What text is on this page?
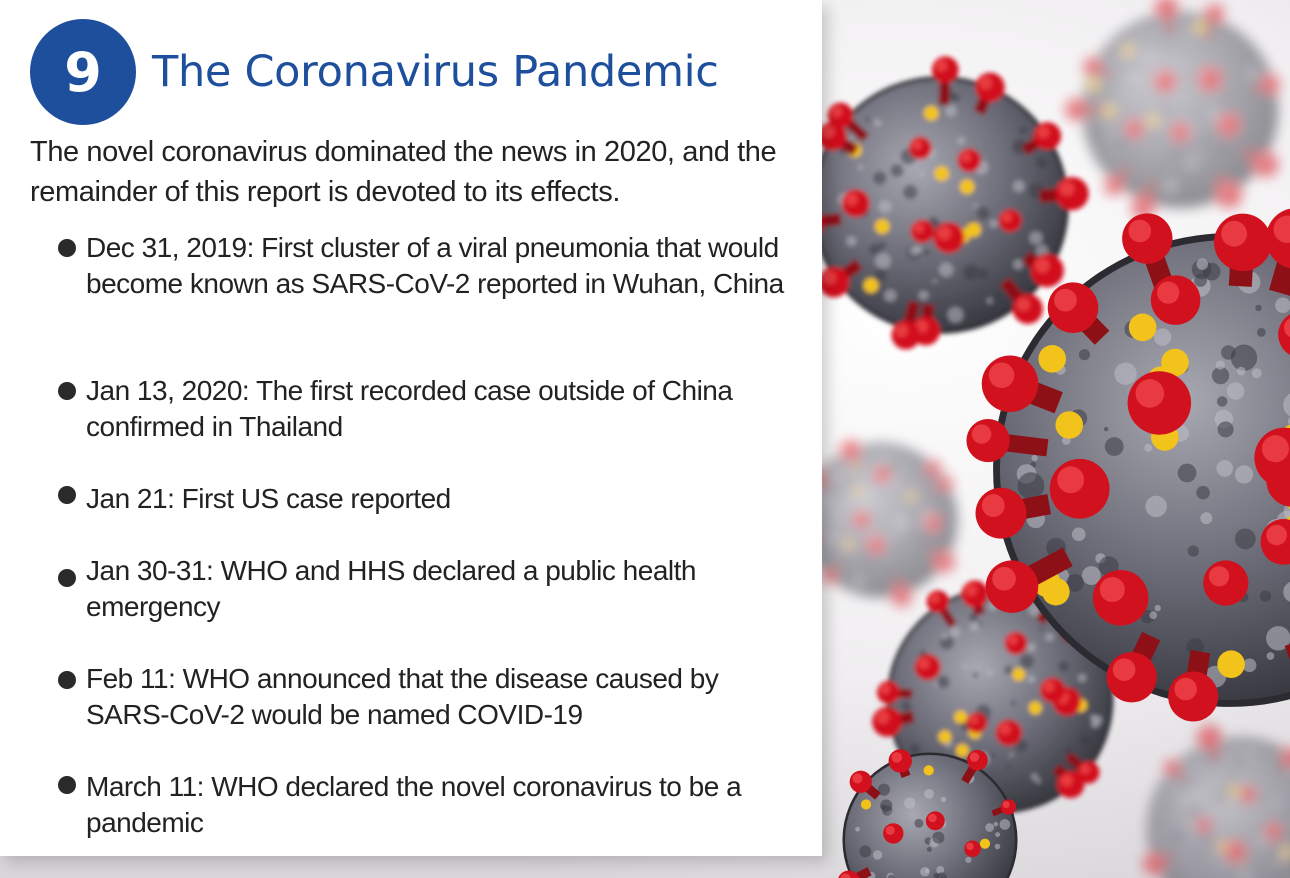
9	The Coronavirus Pandemic

The novel coronavirus dominated the news in 2020, and the remainder of this report is devoted to its effects.

Dec 31, 2019: First cluster of a viral pneumonia that would become known as SARS-CoV-2 reported in Wuhan, China
Jan 13, 2020: The first recorded case outside of China confirmed in Thailand
Jan 21: First US case reported
Jan 30-31: WHO and HHS declared a public health emergency
Feb 11: WHO announced that the disease caused by SARS-CoV-2 would be named COVID-19
March 11: WHO declared the novel coronavirus to be a pandemic
